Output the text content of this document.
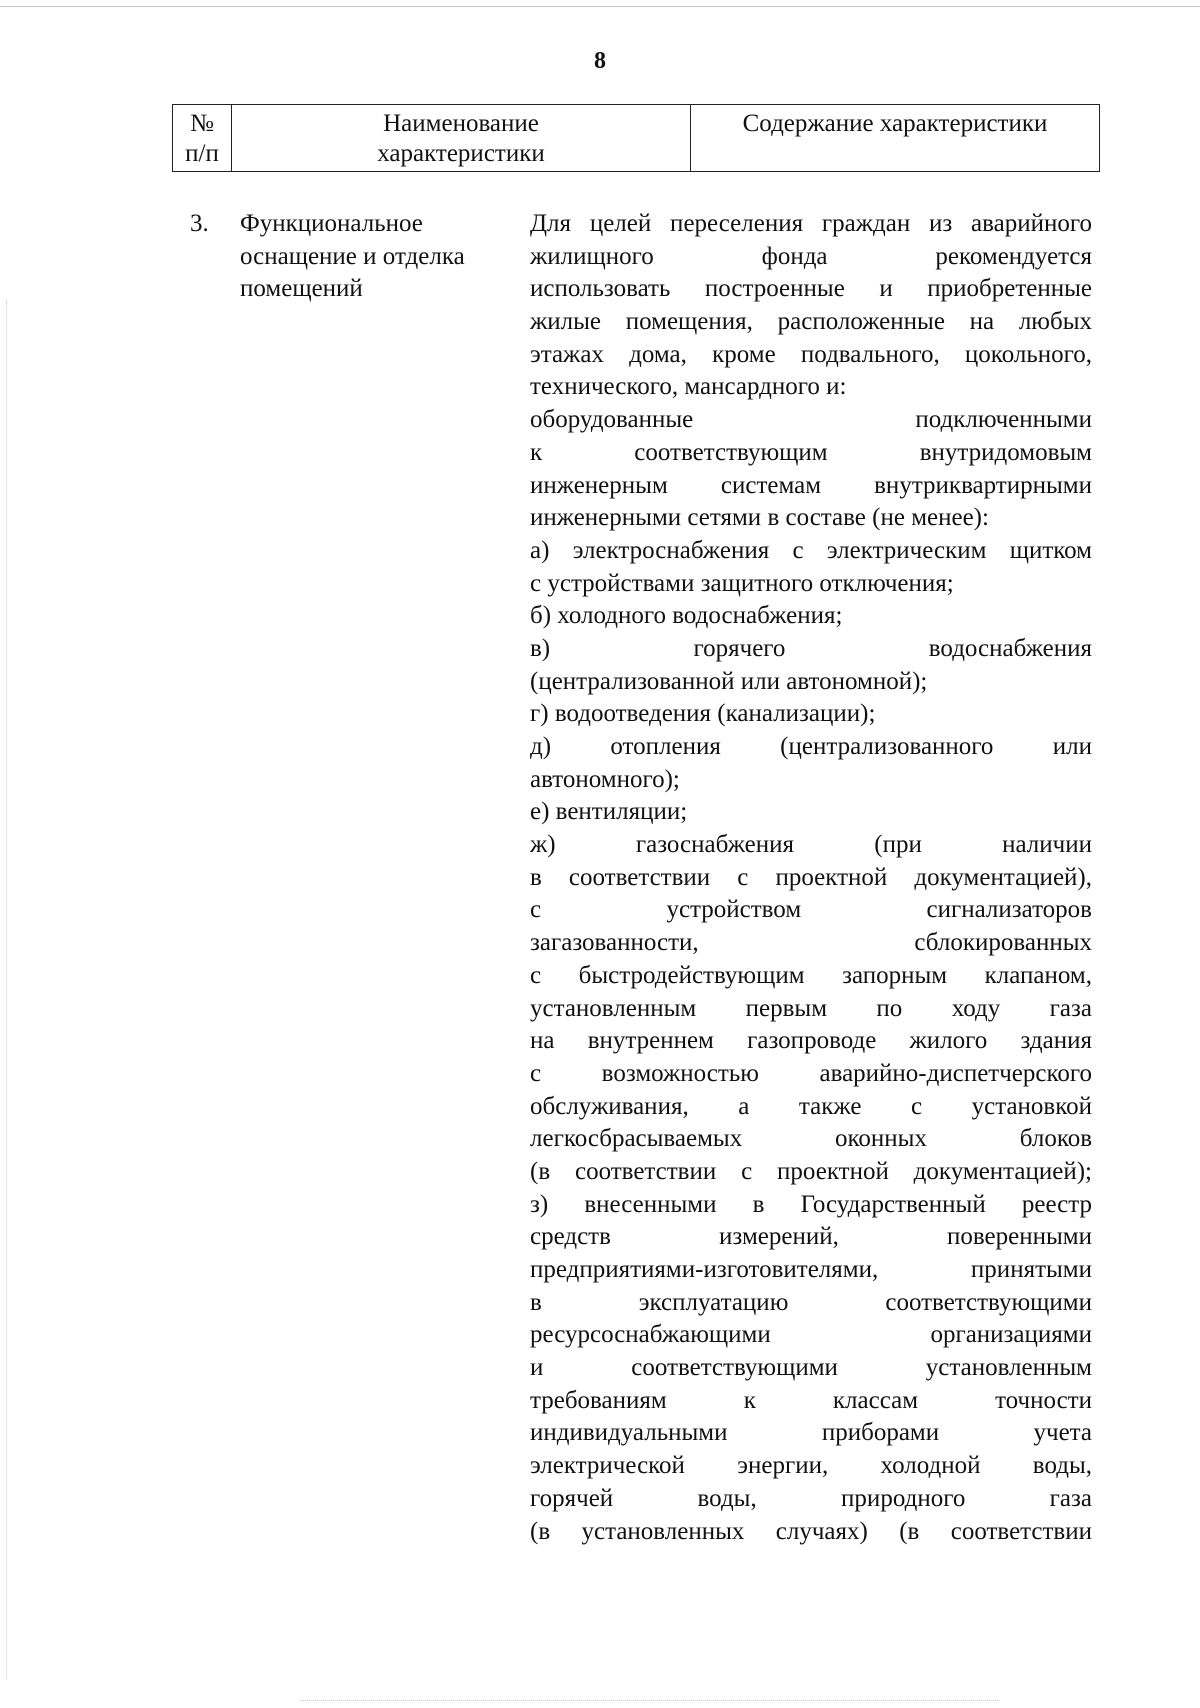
8
№
п/п
Наименование
характеристики
Содержание характеристики
3. Функциональное
оснащение и отделка
помещений
Для целей переселения граждан из аварийного
жилищного фонда рекомендуется
использовать построенные и приобретенные
жилые помещения, расположенные на любых
этажах дома, кроме подвального, цокольного,
технического, мансардного и:
оборудованные подключенными
к соответствующим внутридомовым
инженерным системам внутриквартирными
инженерными сетями в составе (не менее):
а) электроснабжения с электрическим щитком
с устройствами защитного отключения;
б) холодного водоснабжения;
в) горячего водоснабжения
(централизованной или автономной);
г) водоотведения (канализации);
д) отопления (централизованного или
автономного);
е) вентиляции;
ж) газоснабжения (при наличии
в соответствии с проектной документацией),
с устройством сигнализаторов
загазованности, сблокированных
с быстродействующим запорным клапаном,
установленным первым по ходу газа
на внутреннем газопроводе жилого здания
с возможностью аварийно-диспетчерского
обслуживания, а также с установкой
легкосбрасываемых оконных блоков
(в соответствии с проектной документацией);
з) внесенными в Государственный реестр
средств измерений, поверенными
предприятиями-изготовителями, принятыми
в эксплуатацию соответствующими
ресурсоснабжающими организациями
и соответствующими установленным
требованиям к классам точности
индивидуальными приборами учета
электрической энергии, холодной воды,
горячей воды, природного газа
(в установленных случаях) (в соответствии
